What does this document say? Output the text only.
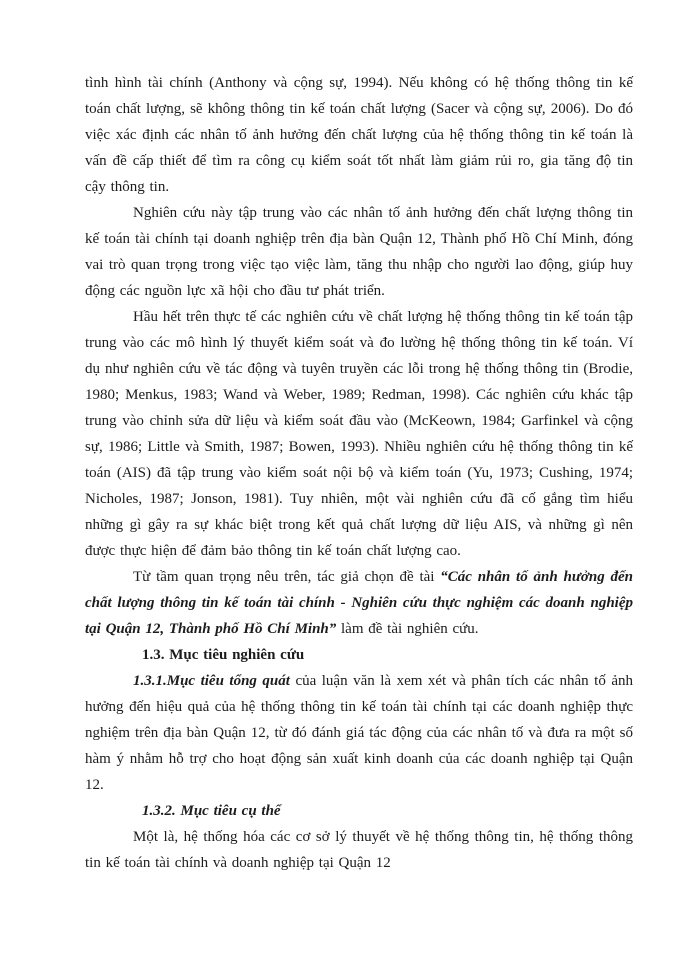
tình hình tài chính (Anthony và cộng sự, 1994). Nếu không có hệ thống thông tin kế toán chất lượng, sẽ không thông tin kế toán chất lượng (Sacer và cộng sự, 2006). Do đó việc xác định các nhân tố ảnh hưởng đến chất lượng của hệ thống thông tin kế toán là vấn đề cấp thiết để tìm ra công cụ kiểm soát tốt nhất làm giảm rủi ro, gia tăng độ tin cậy thông tin.

Nghiên cứu này tập trung vào các nhân tố ảnh hưởng đến chất lượng thông tin kế toán tài chính tại doanh nghiệp trên địa bàn Quận 12, Thành phố Hồ Chí Minh, đóng vai trò quan trọng trong việc tạo việc làm, tăng thu nhập cho người lao động, giúp huy động các nguồn lực xã hội cho đầu tư phát triển.

Hầu hết trên thực tế các nghiên cứu về chất lượng hệ thống thông tin kế toán tập trung vào các mô hình lý thuyết kiểm soát và đo lường hệ thống thông tin kế toán. Ví dụ như nghiên cứu về tác động và tuyên truyền các lỗi trong hệ thống thông tin (Brodie, 1980; Menkus, 1983; Wand và Weber, 1989; Redman, 1998). Các nghiên cứu khác tập trung vào chỉnh sửa dữ liệu và kiểm soát đầu vào (McKeown, 1984; Garfinkel và cộng sự, 1986; Little và Smith, 1987; Bowen, 1993). Nhiều nghiên cứu hệ thống thông tin kế toán (AIS) đã tập trung vào kiểm soát nội bộ và kiểm toán (Yu, 1973; Cushing, 1974; Nicholes, 1987; Jonson, 1981). Tuy nhiên, một vài nghiên cứu đã cố gắng tìm hiểu những gì gây ra sự khác biệt trong kết quả chất lượng dữ liệu AIS, và những gì nên được thực hiện để đảm bảo thông tin kế toán chất lượng cao.

Từ tầm quan trọng nêu trên, tác giả chọn đề tài “Các nhân tố ảnh hưởng đến chất lượng thông tin kế toán tài chính - Nghiên cứu thực nghiệm các doanh nghiệp tại Quận 12, Thành phố Hồ Chí Minh” làm đề tài nghiên cứu.

1.3. Mục tiêu nghiên cứu

1.3.1.Mục tiêu tổng quát của luận văn là xem xét và phân tích các nhân tố ảnh hưởng đến hiệu quả của hệ thống thông tin kế toán tài chính tại các doanh nghiệp thực nghiệm trên địa bàn Quận 12, từ đó đánh giá tác động của các nhân tố và đưa ra một số hàm ý nhằm hỗ trợ cho hoạt động sản xuất kinh doanh của các doanh nghiệp tại Quận 12.

1.3.2. Mục tiêu cụ thể

Một là, hệ thống hóa các cơ sở lý thuyết về hệ thống thông tin, hệ thống thông tin kế toán tài chính và doanh nghiệp tại Quận 12
